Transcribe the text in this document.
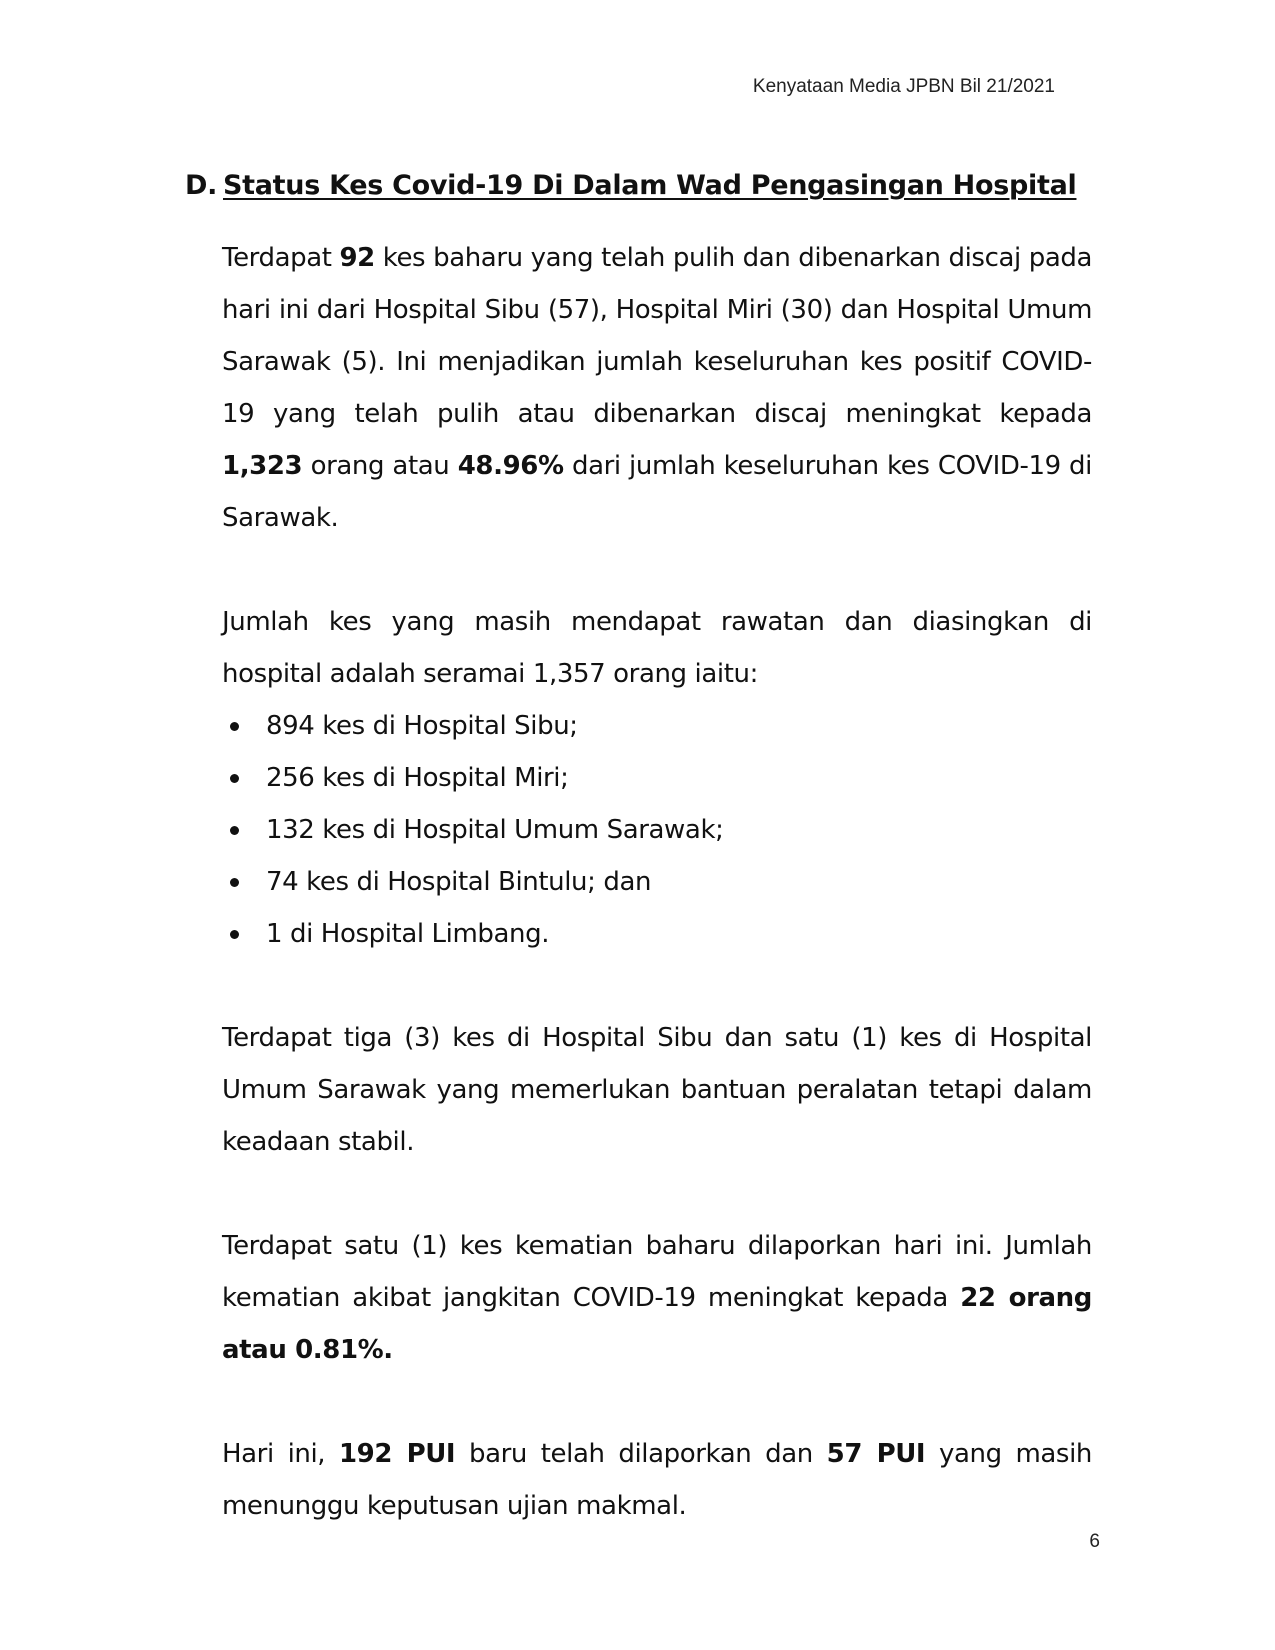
Kenyataan Media JPBN Bil 21/2021
D. Status Kes Covid-19 Di Dalam Wad Pengasingan Hospital

Terdapat 92 kes baharu yang telah pulih dan dibenarkan discaj pada hari ini dari Hospital Sibu (57), Hospital Miri (30) dan Hospital Umum Sarawak (5). Ini menjadikan jumlah keseluruhan kes positif COVID-19 yang telah pulih atau dibenarkan discaj meningkat kepada 1,323 orang atau 48.96% dari jumlah keseluruhan kes COVID-19 di Sarawak.

Jumlah kes yang masih mendapat rawatan dan diasingkan di hospital adalah seramai 1,357 orang iaitu:

894 kes di Hospital Sibu;
256 kes di Hospital Miri;
132 kes di Hospital Umum Sarawak;
74 kes di Hospital Bintulu; dan
1 di Hospital Limbang.

Terdapat tiga (3) kes di Hospital Sibu dan satu (1) kes di Hospital Umum Sarawak yang memerlukan bantuan peralatan tetapi dalam keadaan stabil.

Terdapat satu (1) kes kematian baharu dilaporkan hari ini. Jumlah kematian akibat jangkitan COVID-19 meningkat kepada 22 orang atau 0.81%.

Hari ini, 192 PUI baru telah dilaporkan dan 57 PUI yang masih menunggu keputusan ujian makmal.

6
